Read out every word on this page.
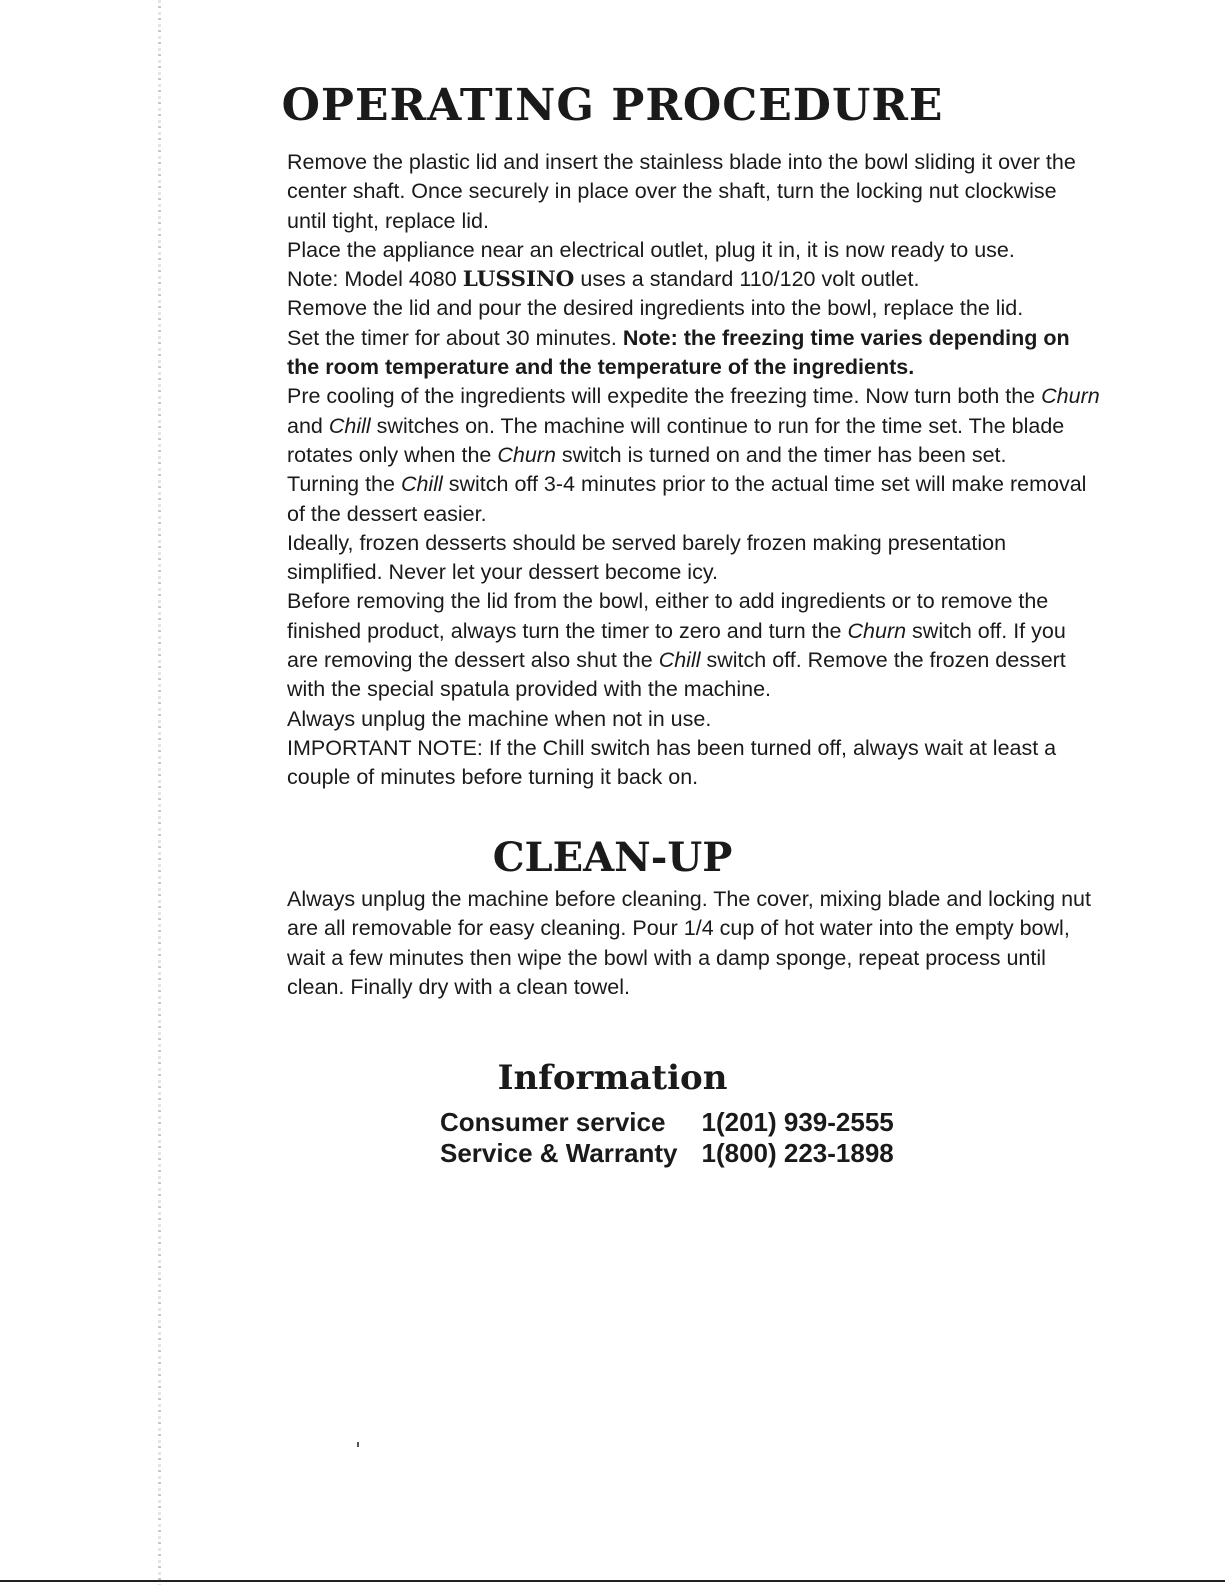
OPERATING PROCEDURE

Remove the plastic lid and insert the stainless blade into the bowl sliding it over the center shaft. Once securely in place over the shaft, turn the locking nut clockwise until tight, replace lid.

Place the appliance near an electrical outlet, plug it in, it is now ready to use.

Note: Model 4080 LUSSINO uses a standard 110/120 volt outlet.

Remove the lid and pour the desired ingredients into the bowl, replace the lid.

Set the timer for about 30 minutes. Note: the freezing time varies depending on the room temperature and the temperature of the ingredients.

Pre cooling of the ingredients will expedite the freezing time. Now turn both the Churn and Chill switches on. The machine will continue to run for the time set. The blade rotates only when the Churn switch is turned on and the timer has been set.

Turning the Chill switch off 3-4 minutes prior to the actual time set will make removal of the dessert easier.

Ideally, frozen desserts should be served barely frozen making presentation simplified. Never let your dessert become icy.

Before removing the lid from the bowl, either to add ingredients or to remove the finished product, always turn the timer to zero and turn the Churn switch off. If you are removing the dessert also shut the Chill switch off. Remove the frozen dessert with the special spatula provided with the machine.

Always unplug the machine when not in use.

IMPORTANT NOTE: If the Chill switch has been turned off, always wait at least a couple of minutes before turning it back on.

CLEAN-UP

Always unplug the machine before cleaning. The cover, mixing blade and locking nut are all removable for easy cleaning. Pour 1/4 cup of hot water into the empty bowl, wait a few minutes then wipe the bowl with a damp sponge, repeat process until clean. Finally dry with a clean towel.

Information
Consumer service	1(201) 939-2555
Service & Warranty	1(800) 223-1898
